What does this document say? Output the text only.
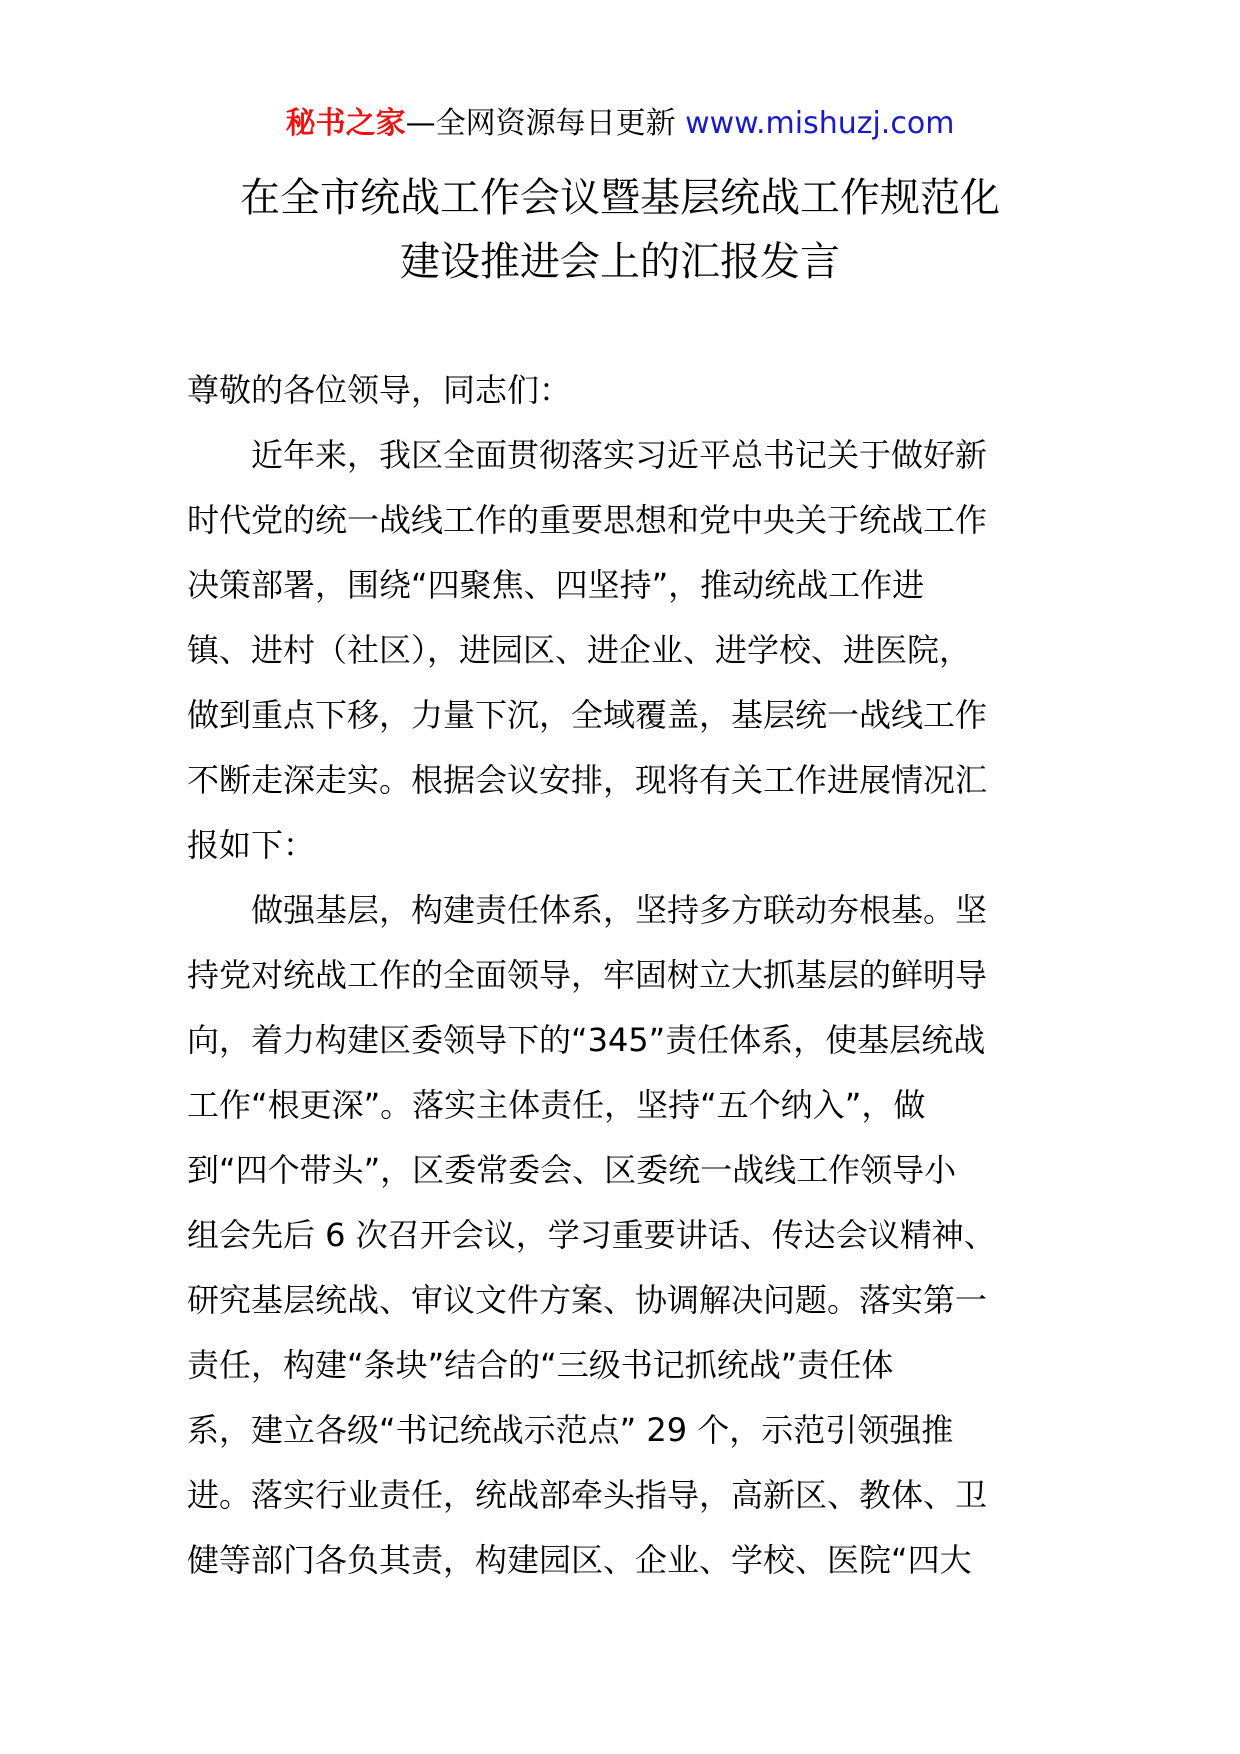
秘书之家—全网资源每日更新 www.mishuzj.com
在全市统战工作会议暨基层统战工作规范化
建设推进会上的汇报发言

尊敬的各位领导，同志们：

　　近年来，我区全面贯彻落实习近平总书记关于做好新

时代党的统一战线工作的重要思想和党中央关于统战工作

决策部署，围绕“四聚焦、四坚持”，推动统战工作进

镇、进村（社区），进园区、进企业、进学校、进医院，

做到重点下移，力量下沉，全域覆盖，基层统一战线工作

不断走深走实。根据会议安排，现将有关工作进展情况汇

报如下：

　　做强基层，构建责任体系，坚持多方联动夯根基。坚

持党对统战工作的全面领导，牢固树立大抓基层的鲜明导

向，着力构建区委领导下的“345”责任体系，使基层统战

工作“根更深”。落实主体责任，坚持“五个纳入”，做

到“四个带头”，区委常委会、区委统一战线工作领导小

组会先后 6 次召开会议，学习重要讲话、传达会议精神、

研究基层统战、审议文件方案、协调解决问题。落实第一

责任，构建“条块”结合的“三级书记抓统战”责任体

系，建立各级“书记统战示范点” 29 个，示范引领强推

进。落实行业责任，统战部牵头指导，高新区、教体、卫

健等部门各负其责，构建园区、企业、学校、医院“四大
